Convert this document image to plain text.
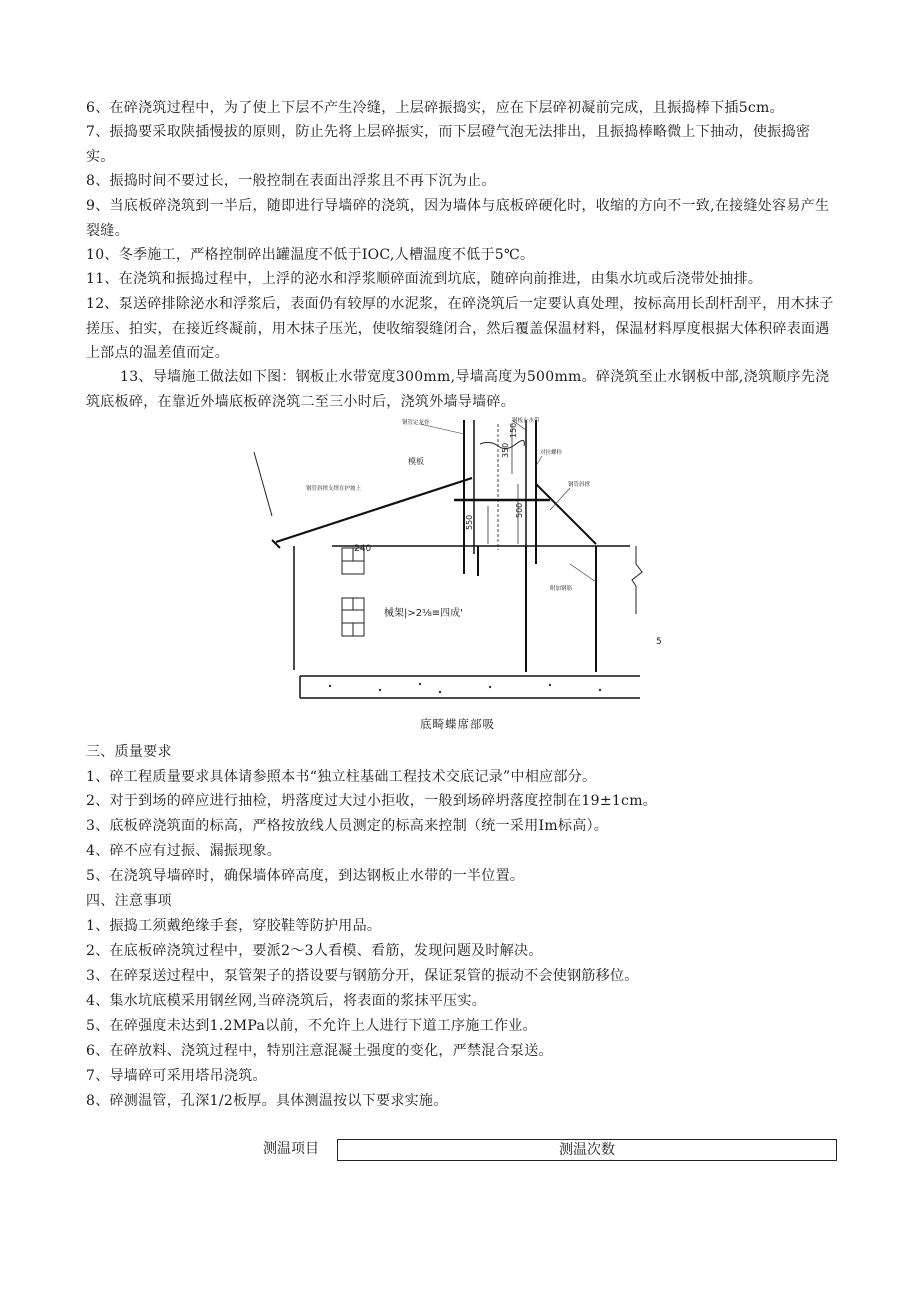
6、在碎浇筑过程中，为了使上下层不产生冷缝，上层碎振捣实，应在下层碎初凝前完成，且振捣棒下插5cm。

7、振捣要采取陕插慢拔的原则，防止先将上层碎振实，而下层磴气泡无法排出，且振捣棒略微上下抽动，使振捣密实。

8、振捣时间不要过长，一般控制在表面出浮浆且不再下沉为止。

9、当底板碎浇筑到一半后，随即进行导墙碎的浇筑，因为墙体与底板碎硬化时，收缩的方向不一致,在接缝处容易产生裂缝。

10、冬季施工，严格控制碎出罐温度不低于IOC,人槽温度不低于5℃。

11、在浇筑和振捣过程中，上浮的泌水和浮浆顺碎面流到坑底，随碎向前推进，由集水坑或后浇带处抽排。

12、泵送碎排除泌水和浮浆后，表面仍有较厚的水泥浆，在碎浇筑后一定要认真处理，按标高用长刮杆刮平，用木抹子搓压、拍实，在接近终凝前，用木抹子压光，使收缩裂缝闭合，然后覆盖保温材料，保温材料厚度根据大体积碎表面遇上部点的温差值而定。

13、导墙施工做法如下图：钢板止水带宽度300mm,导墙高度为500mm。碎浇筑至止水钢板中部,浇筑顺序先浇筑底板碎，在靠近外墙底板碎浇筑二至三小时后，浇筑外墙导墙碎。

钢管定龙骨	钢板止水带
模板
钢管斜撑支撑在护坡上
对拉螺栓
钢管斜撑
附加钢筋
350
150
550
500
240
械架|>2⅛≡四成'
5
底畸蝶席部吸

三、质量要求

1、碎工程质量要求具体请参照本书“独立柱基础工程技术交底记录”中相应部分。

2、对于到场的碎应进行抽检，坍落度过大过小拒收，一般到场碎坍落度控制在19±1cm。

3、底板碎浇筑面的标高，严格按放线人员测定的标高来控制（统一采用Im标高）。

4、碎不应有过振、漏振现象。

5、在浇筑导墙碎时，确保墙体碎高度，到达钢板止水带的一半位置。

四、注意事项

1、振捣工须戴绝缘手套，穿胶鞋等防护用品。

2、在底板碎浇筑过程中，要派2～3人看模、看筋，发现问题及时解决。

3、在碎泵送过程中，泵管架子的搭设要与钢筋分开，保证泵管的振动不会使钢筋移位。

4、集水坑底模采用钢丝网,当碎浇筑后，将表面的浆抹平压实。

5、在碎强度未达到1.2MPa以前，不允许上人进行下道工序施工作业。

6、在碎放料、浇筑过程中，特别注意混凝土强度的变化，严禁混合泵送。

7、导墙碎可采用塔吊浇筑。

8、碎测温管，孔深1/2板厚。具体测温按以下要求实施。

测温项目	测温次数
